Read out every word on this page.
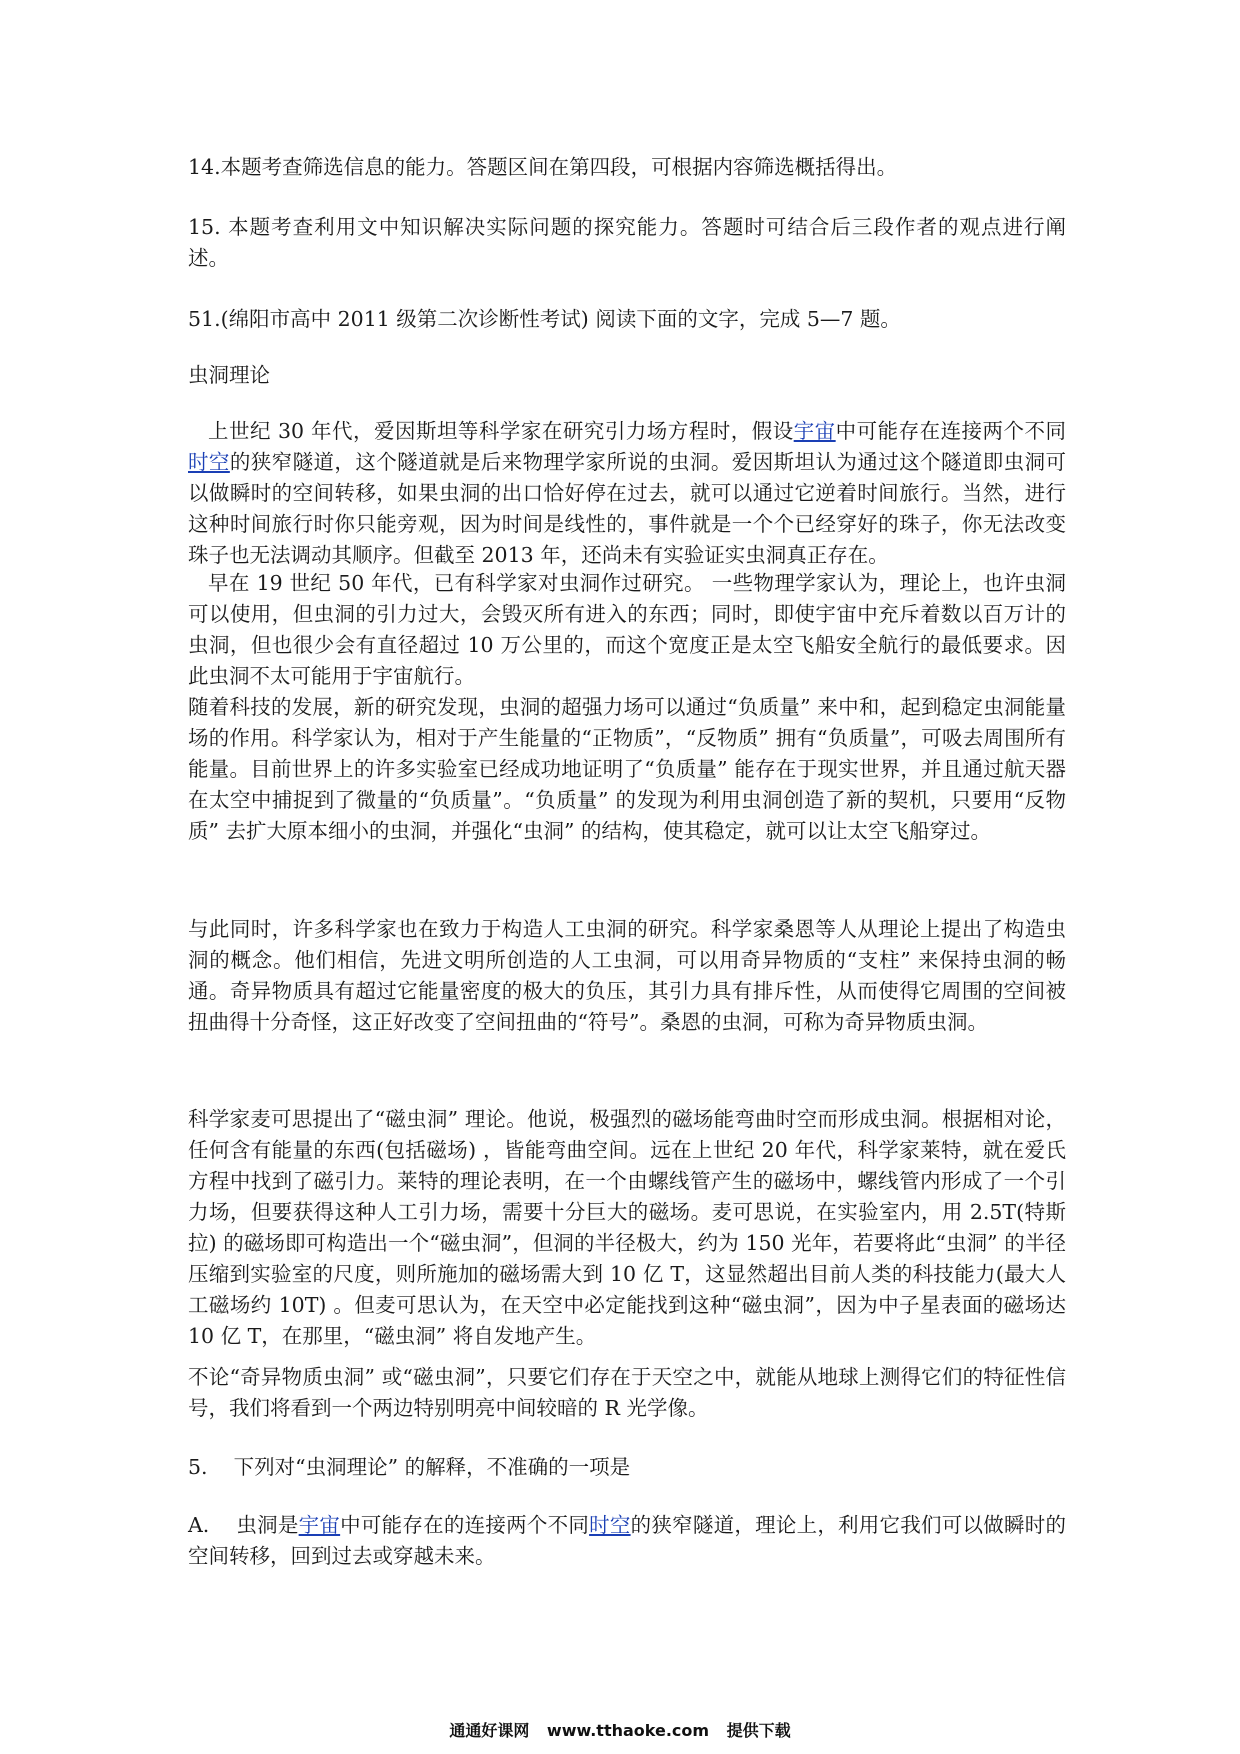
14.本题考查筛选信息的能力。答题区间在第四段，可根据内容筛选概括得出。

15. 本题考查利用文中知识解决实际问题的探究能力。答题时可结合后三段作者的观点进行阐述。

51.(绵阳市高中 2011 级第二次诊断性考试) 阅读下面的文字，完成 5—7 题。

虫洞理论

上世纪 30 年代，爱因斯坦等科学家在研究引力场方程时，假设宇宙中可能存在连接两个不同时空的狭窄隧道，这个隧道就是后来物理学家所说的虫洞。爱因斯坦认为通过这个隧道即虫洞可以做瞬时的空间转移，如果虫洞的出口恰好停在过去，就可以通过它逆着时间旅行。当然，进行这种时间旅行时你只能旁观，因为时间是线性的，事件就是一个个已经穿好的珠子，你无法改变珠子也无法调动其顺序。但截至 2013 年，还尚未有实验证实虫洞真正存在。

早在 19 世纪 50 年代，已有科学家对虫洞作过研究。 一些物理学家认为，理论上，也许虫洞可以使用，但虫洞的引力过大，会毁灭所有进入的东西；同时，即使宇宙中充斥着数以百万计的虫洞，但也很少会有直径超过 10 万公里的，而这个宽度正是太空飞船安全航行的最低要求。因此虫洞不太可能用于宇宙航行。

随着科技的发展，新的研究发现，虫洞的超强力场可以通过“负质量” 来中和，起到稳定虫洞能量场的作用。科学家认为，相对于产生能量的“正物质”，“反物质” 拥有“负质量”，可吸去周围所有能量。目前世界上的许多实验室已经成功地证明了“负质量” 能存在于现实世界，并且通过航天器在太空中捕捉到了微量的“负质量”。“负质量” 的发现为利用虫洞创造了新的契机，只要用“反物质” 去扩大原本细小的虫洞，并强化“虫洞” 的结构，使其稳定，就可以让太空飞船穿过。

与此同时，许多科学家也在致力于构造人工虫洞的研究。科学家桑恩等人从理论上提出了构造虫洞的概念。他们相信，先进文明所创造的人工虫洞，可以用奇异物质的“支柱” 来保持虫洞的畅通。奇异物质具有超过它能量密度的极大的负压，其引力具有排斥性，从而使得它周围的空间被扭曲得十分奇怪，这正好改变了空间扭曲的“符号”。桑恩的虫洞，可称为奇异物质虫洞。

科学家麦可思提出了“磁虫洞” 理论。他说，极强烈的磁场能弯曲时空而形成虫洞。根据相对论，任何含有能量的东西(包括磁场) ，皆能弯曲空间。远在上世纪 20 年代，科学家莱特，就在爱氏方程中找到了磁引力。莱特的理论表明，在一个由螺线管产生的磁场中，螺线管内形成了一个引力场，但要获得这种人工引力场，需要十分巨大的磁场。麦可思说，在实验室内，用 2.5T(特斯拉) 的磁场即可构造出一个“磁虫洞”，但洞的半径极大，约为 150 光年，若要将此“虫洞” 的半径压缩到实验室的尺度，则所施加的磁场需大到 10 亿 T，这显然超出目前人类的科技能力(最大人工磁场约 10T) 。但麦可思认为，在天空中必定能找到这种“磁虫洞”，因为中子星表面的磁场达 10 亿 T，在那里，“磁虫洞” 将自发地产生。

不论“奇异物质虫洞” 或“磁虫洞”，只要它们存在于天空之中，就能从地球上测得它们的特征性信号，我们将看到一个两边特别明亮中间较暗的 R 光学像。

5.    下列对“虫洞理论” 的解释，不准确的一项是

A.    虫洞是宇宙中可能存在的连接两个不同时空的狭窄隧道，理论上，利用它我们可以做瞬时的空间转移，回到过去或穿越未来。

通通好课网 www.tthaoke.com 提供下载
